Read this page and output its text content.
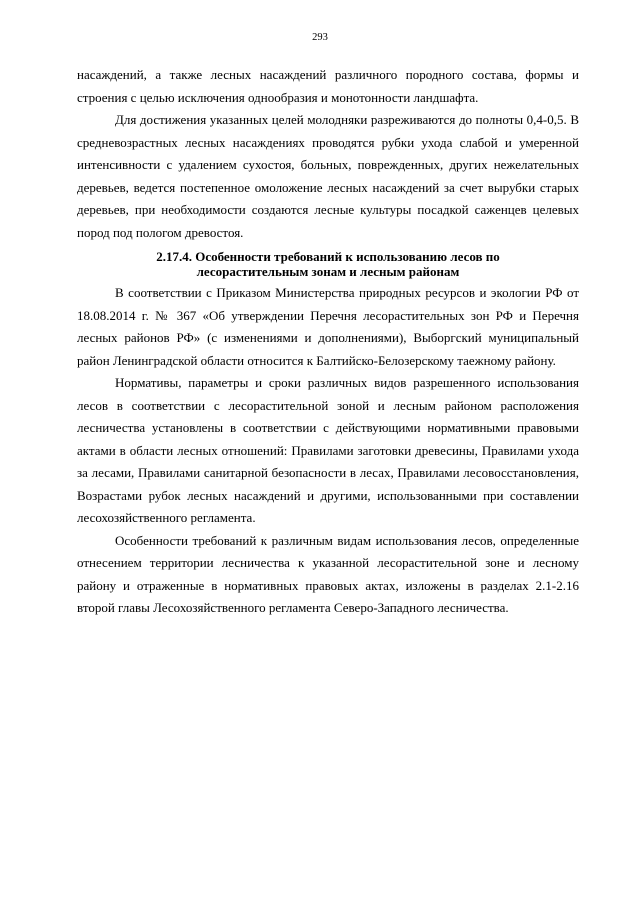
293

насаждений, а также лесных насаждений различного породного состава, формы и строения с целью исключения однообразия и монотонности ландшафта.

Для достижения указанных целей молодняки разреживаются до полноты 0,4-0,5. В средневозрастных лесных насаждениях проводятся рубки ухода слабой и умеренной интенсивности с удалением сухостоя, больных, поврежденных, других нежелательных деревьев, ведется постепенное омоложение лесных насаждений за счет вырубки старых деревьев, при необходимости создаются лесные культуры посадкой саженцев целевых пород под пологом древостоя.

2.17.4. Особенности требований к использованию лесов по
лесорастительным зонам и лесным районам

В соответствии с Приказом Министерства природных ресурсов и экологии РФ от 18.08.2014 г. № 367 «Об утверждении Перечня лесорастительных зон РФ и Перечня лесных районов РФ» (с изменениями и дополнениями), Выборгский муниципальный район Ленинградской области относится к Балтийско-Белозерскому таежному району.

Нормативы, параметры и сроки различных видов разрешенного использования лесов в соответствии с лесорастительной зоной и лесным районом расположения лесничества установлены в соответствии с действующими нормативными правовыми актами в области лесных отношений: Правилами заготовки древесины, Правилами ухода за лесами, Правилами санитарной безопасности в лесах, Правилами лесовосстановления, Возрастами рубок лесных насаждений и другими, использованными при составлении лесохозяйственного регламента.

Особенности требований к различным видам использования лесов, определенные отнесением территории лесничества к указанной лесорастительной зоне и лесному району и отраженные в нормативных правовых актах, изложены в разделах 2.1-2.16 второй главы Лесохозяйственного регламента Северо-Западного лесничества.
